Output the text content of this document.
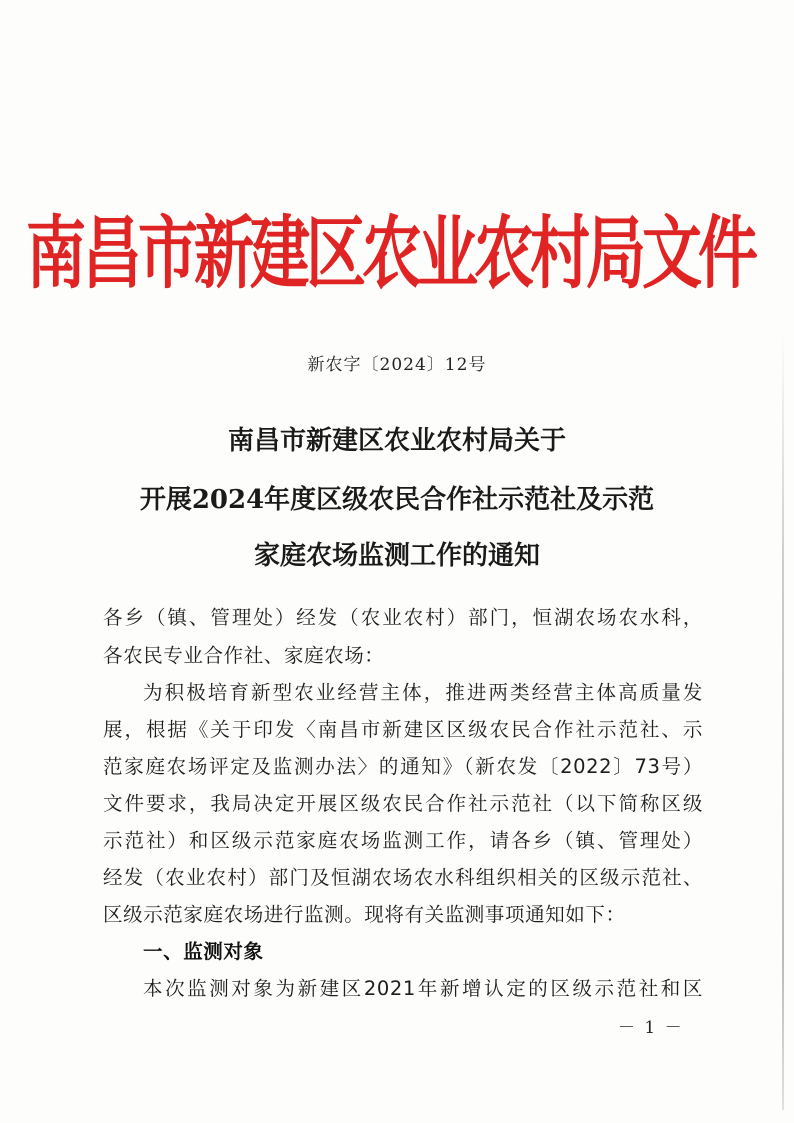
南昌市新建区农业农村局文件
新农字〔2024〕12号
南昌市新建区农业农村局关于
开展2024年度区级农民合作社示范社及示范
家庭农场监测工作的通知
各乡（镇、管理处）经发（农业农村）部门，恒湖农场农水科，
各农民专业合作社、家庭农场：
为积极培育新型农业经营主体，推进两类经营主体高质量发
展，根据《关于印发〈南昌市新建区区级农民合作社示范社、示
范家庭农场评定及监测办法〉的通知》（新农发〔2022〕73号）
文件要求，我局决定开展区级农民合作社示范社（以下简称区级
示范社）和区级示范家庭农场监测工作，请各乡（镇、管理处）
经发（农业农村）部门及恒湖农场农水科组织相关的区级示范社、
区级示范家庭农场进行监测。现将有关监测事项通知如下：
一、监测对象
本次监测对象为新建区2021年新增认定的区级示范社和区
－ 1 －
